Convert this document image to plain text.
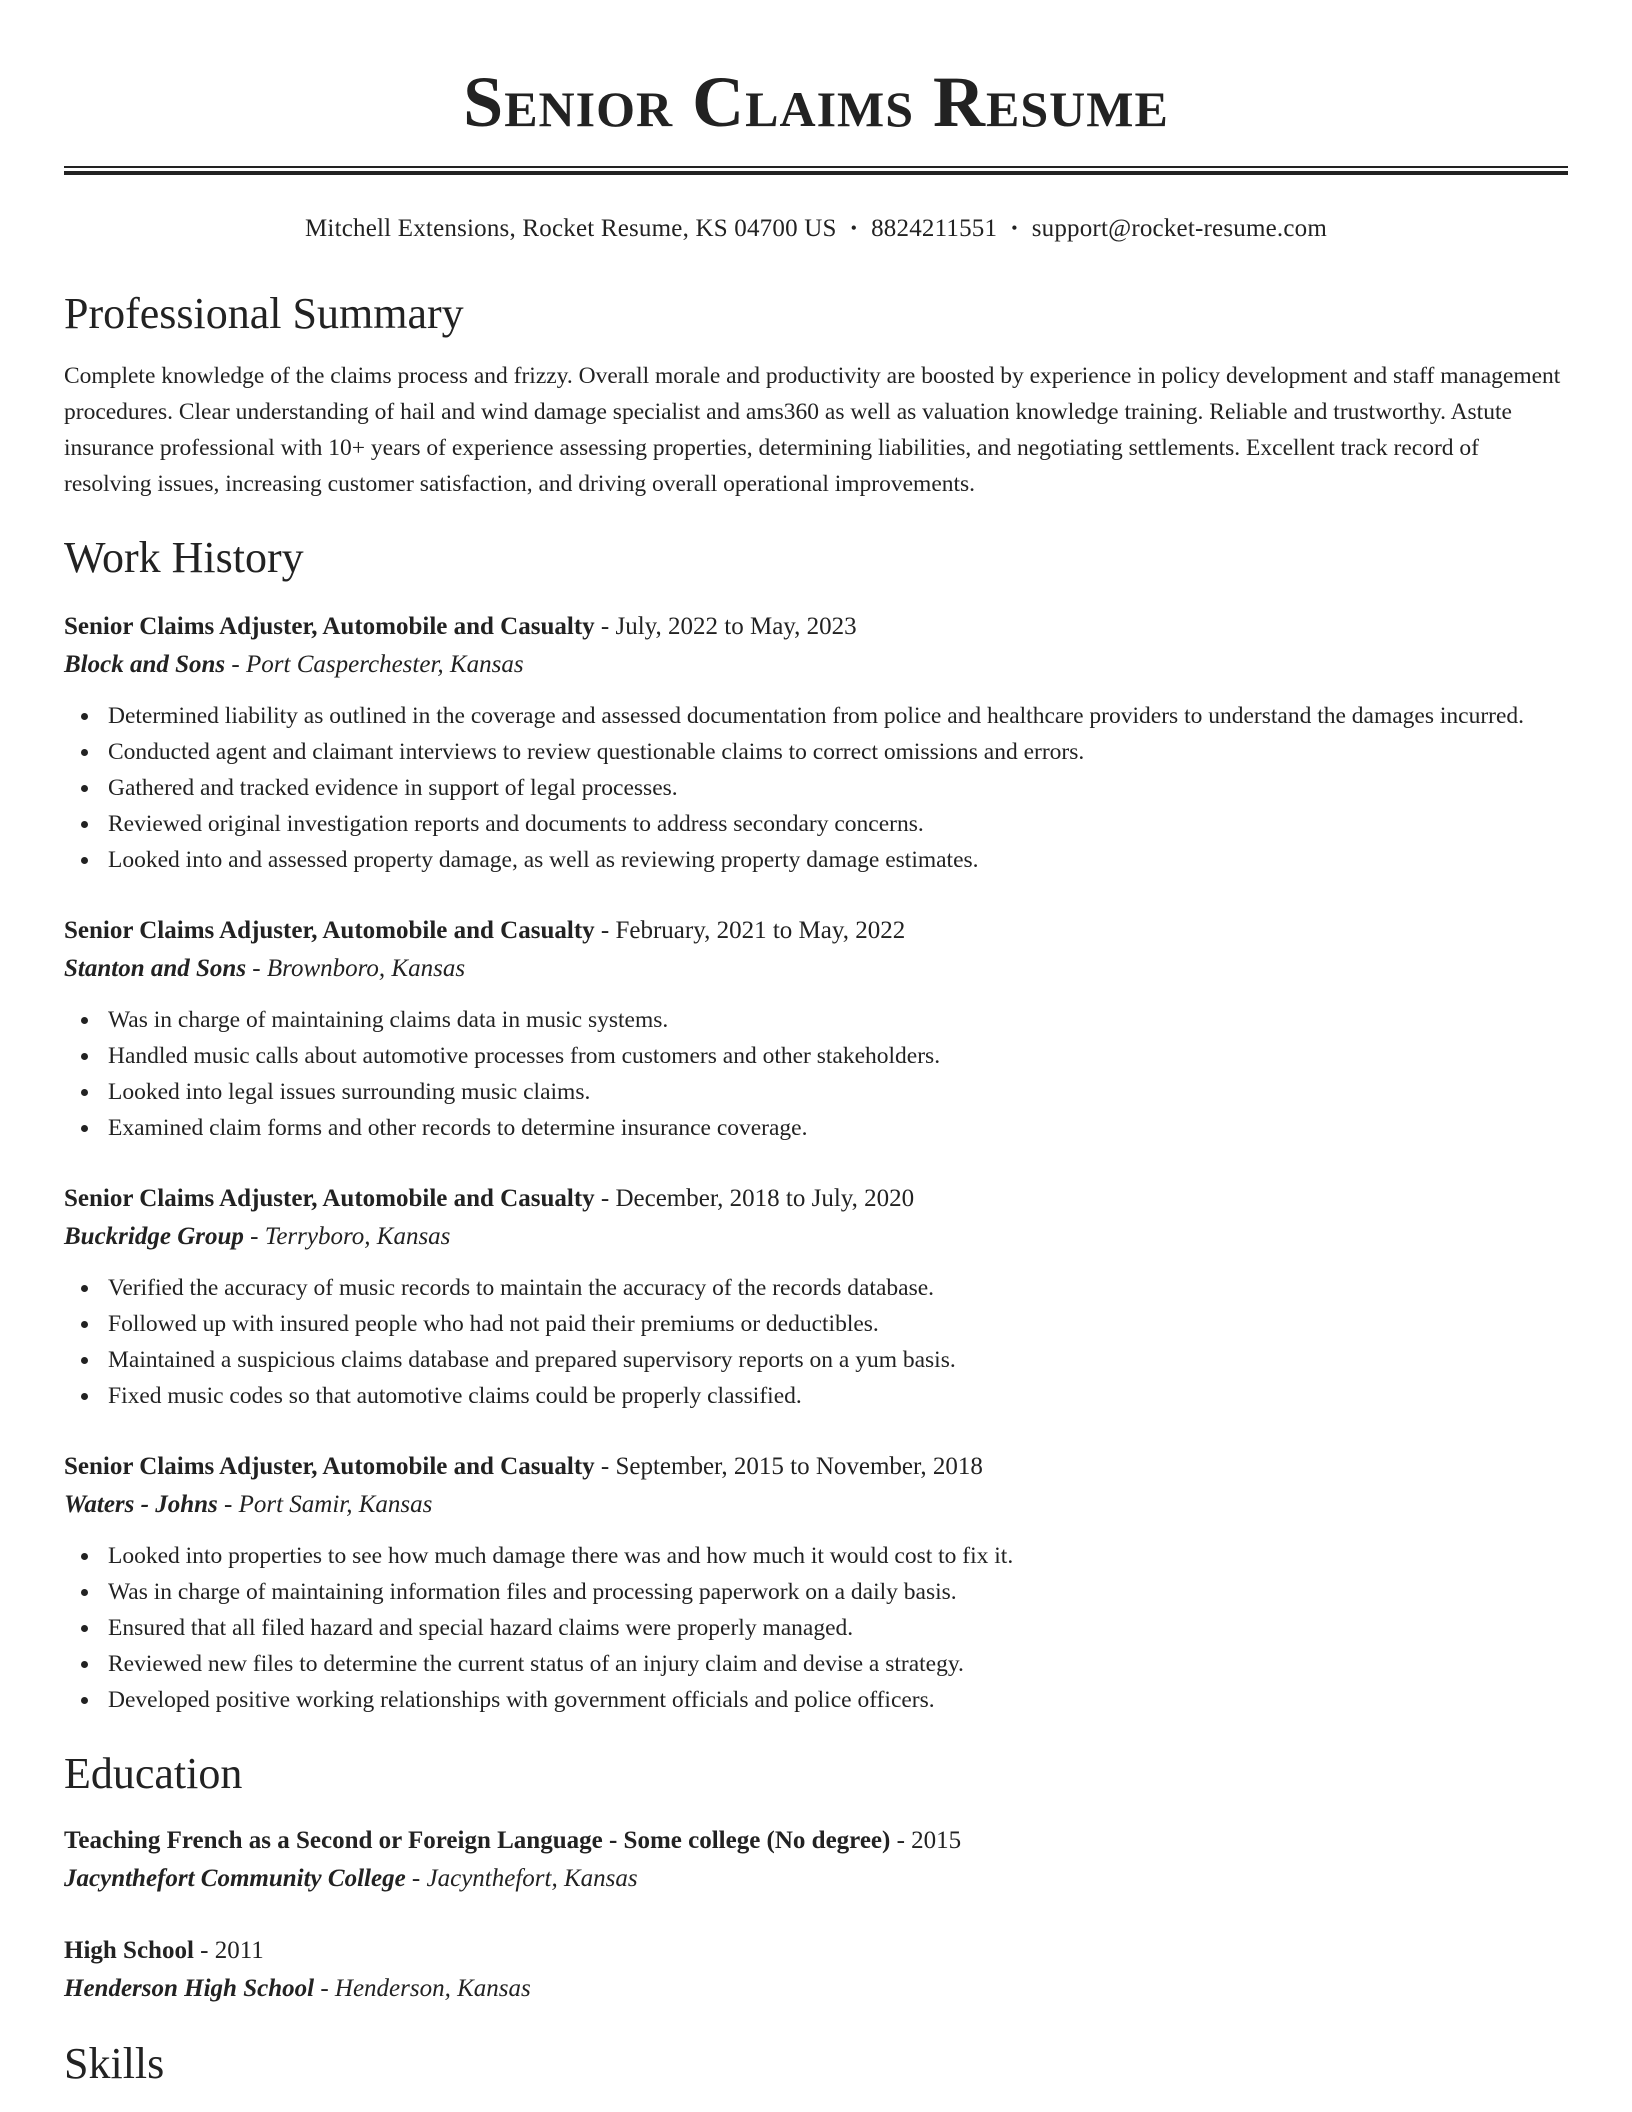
Senior Claims Resume
Mitchell Extensions, Rocket Resume, KS 04700 US • 8824211551 • support@rocket-resume.com
Professional Summary

Complete knowledge of the claims process and frizzy. Overall morale and productivity are boosted by experience in policy development and staff management procedures. Clear understanding of hail and wind damage specialist and ams360 as well as valuation knowledge training. Reliable and trustworthy. Astute insurance professional with 10+ years of experience assessing properties, determining liabilities, and negotiating settlements. Excellent track record of resolving issues, increasing customer satisfaction, and driving overall operational improvements.

Work History
Senior Claims Adjuster, Automobile and Casualty - July, 2022 to May, 2023
Block and Sons - Port Casperchester, Kansas
Determined liability as outlined in the coverage and assessed documentation from police and healthcare providers to understand the damages incurred.
Conducted agent and claimant interviews to review questionable claims to correct omissions and errors.
Gathered and tracked evidence in support of legal processes.
Reviewed original investigation reports and documents to address secondary concerns.
Looked into and assessed property damage, as well as reviewing property damage estimates.
Senior Claims Adjuster, Automobile and Casualty - February, 2021 to May, 2022
Stanton and Sons - Brownboro, Kansas
Was in charge of maintaining claims data in music systems.
Handled music calls about automotive processes from customers and other stakeholders.
Looked into legal issues surrounding music claims.
Examined claim forms and other records to determine insurance coverage.
Senior Claims Adjuster, Automobile and Casualty - December, 2018 to July, 2020
Buckridge Group - Terryboro, Kansas
Verified the accuracy of music records to maintain the accuracy of the records database.
Followed up with insured people who had not paid their premiums or deductibles.
Maintained a suspicious claims database and prepared supervisory reports on a yum basis.
Fixed music codes so that automotive claims could be properly classified.
Senior Claims Adjuster, Automobile and Casualty - September, 2015 to November, 2018
Waters - Johns - Port Samir, Kansas
Looked into properties to see how much damage there was and how much it would cost to fix it.
Was in charge of maintaining information files and processing paperwork on a daily basis.
Ensured that all filed hazard and special hazard claims were properly managed.
Reviewed new files to determine the current status of an injury claim and devise a strategy.
Developed positive working relationships with government officials and police officers.
Education
Teaching French as a Second or Foreign Language - Some college (No degree) - 2015
Jacynthefort Community College - Jacynthefort, Kansas
High School - 2011
Henderson High School - Henderson, Kansas
Skills
